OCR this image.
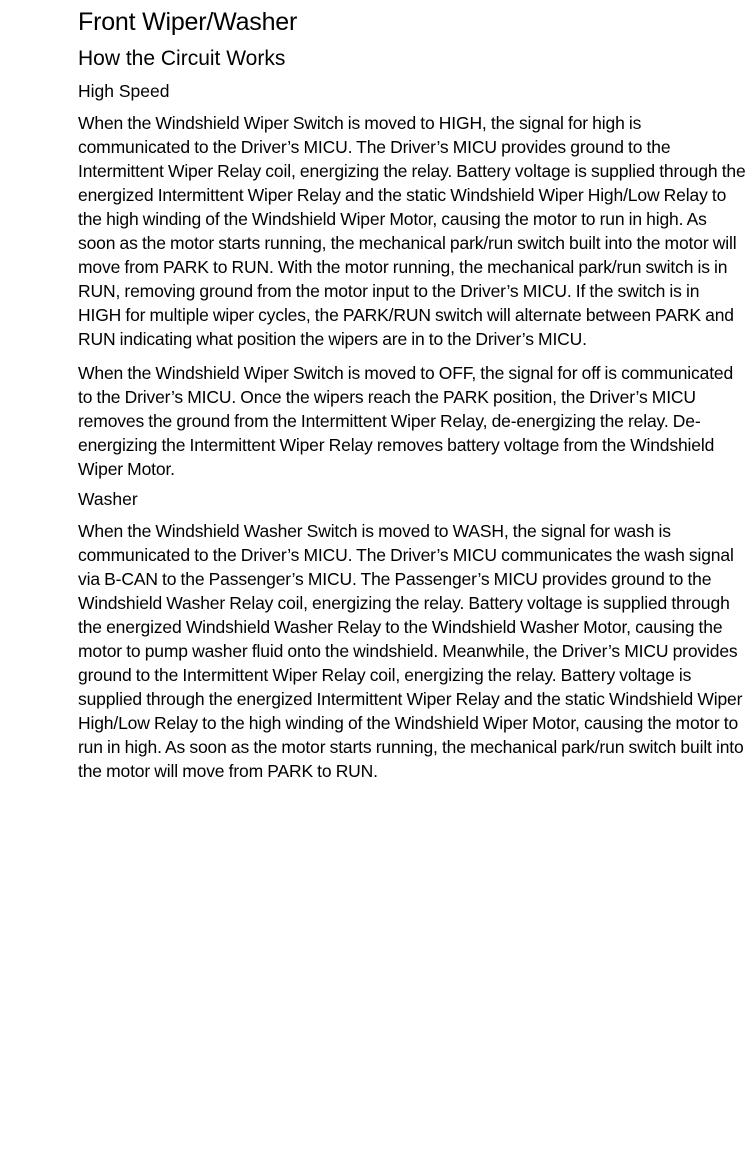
Front Wiper/Washer
How the Circuit Works
High Speed

When the Windshield Wiper Switch is moved to HIGH, the signal for high is communicated to the Driver’s MICU. The Driver’s MICU provides ground to the Intermittent Wiper Relay coil, energizing the relay. Battery voltage is supplied through the energized Intermittent Wiper Relay and the static Windshield Wiper High/Low Relay to the high winding of the Windshield Wiper Motor, causing the motor to run in high. As soon as the motor starts running, the mechanical park/run switch built into the motor will move from PARK to RUN. With the motor running, the mechanical park/run switch is in RUN, removing ground from the motor input to the Driver’s MICU. If the switch is in HIGH for multiple wiper cycles, the PARK/RUN switch will alternate between PARK and RUN indicating what position the wipers are in to the Driver’s MICU.

When the Windshield Wiper Switch is moved to OFF, the signal for off is communicated to the Driver’s MICU. Once the wipers reach the PARK position, the Driver’s MICU removes the ground from the Intermittent Wiper Relay, de-energizing the relay. De-energizing the Intermittent Wiper Relay removes battery voltage from the Windshield Wiper Motor.

Washer

When the Windshield Washer Switch is moved to WASH, the signal for wash is communicated to the Driver’s MICU. The Driver’s MICU communicates the wash signal via B-CAN to the Passenger’s MICU. The Passenger’s MICU provides ground to the Windshield Washer Relay coil, energizing the relay. Battery voltage is supplied through the energized Windshield Washer Relay to the Windshield Washer Motor, causing the motor to pump washer fluid onto the windshield. Meanwhile, the Driver’s MICU provides ground to the Intermittent Wiper Relay coil, energizing the relay. Battery voltage is supplied through the energized Intermittent Wiper Relay and the static Windshield Wiper High/Low Relay to the high winding of the Windshield Wiper Motor, causing the motor to run in high. As soon as the motor starts running, the mechanical park/run switch built into the motor will move from PARK to RUN.
